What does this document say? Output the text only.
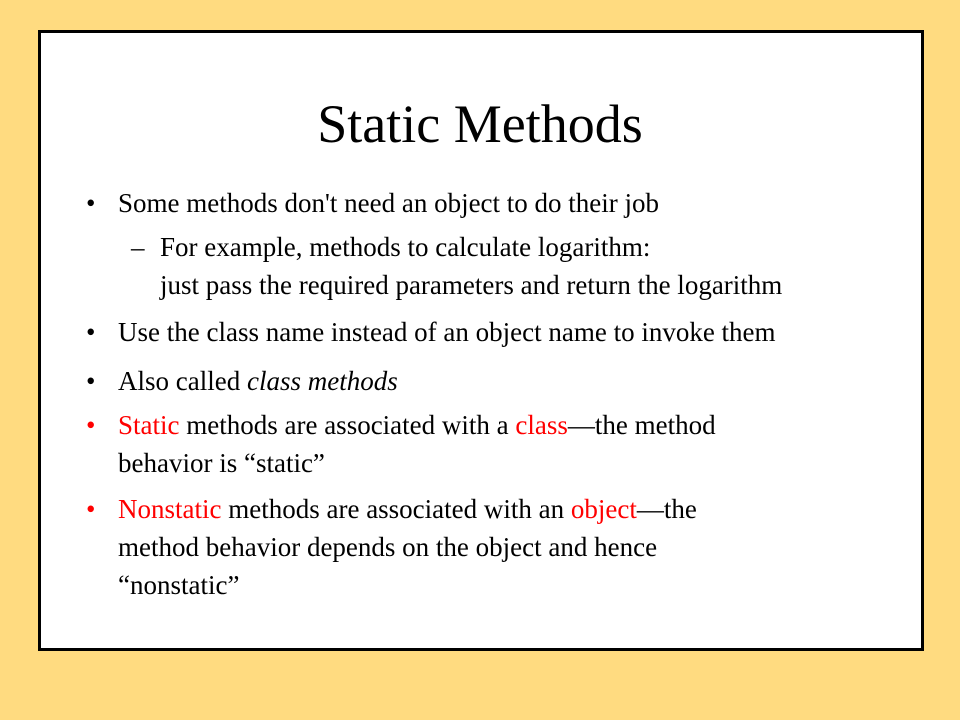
Static Methods
• Some methods don't need an object to do their job
– For example, methods to calculate logarithm:
just pass the required parameters and return the logarithm
• Use the class name instead of an object name to invoke them
• Also called class methods
• Static methods are associated with a class—the method
behavior is “static”
• Nonstatic methods are associated with an object—the
method behavior depends on the object and hence
“nonstatic”
